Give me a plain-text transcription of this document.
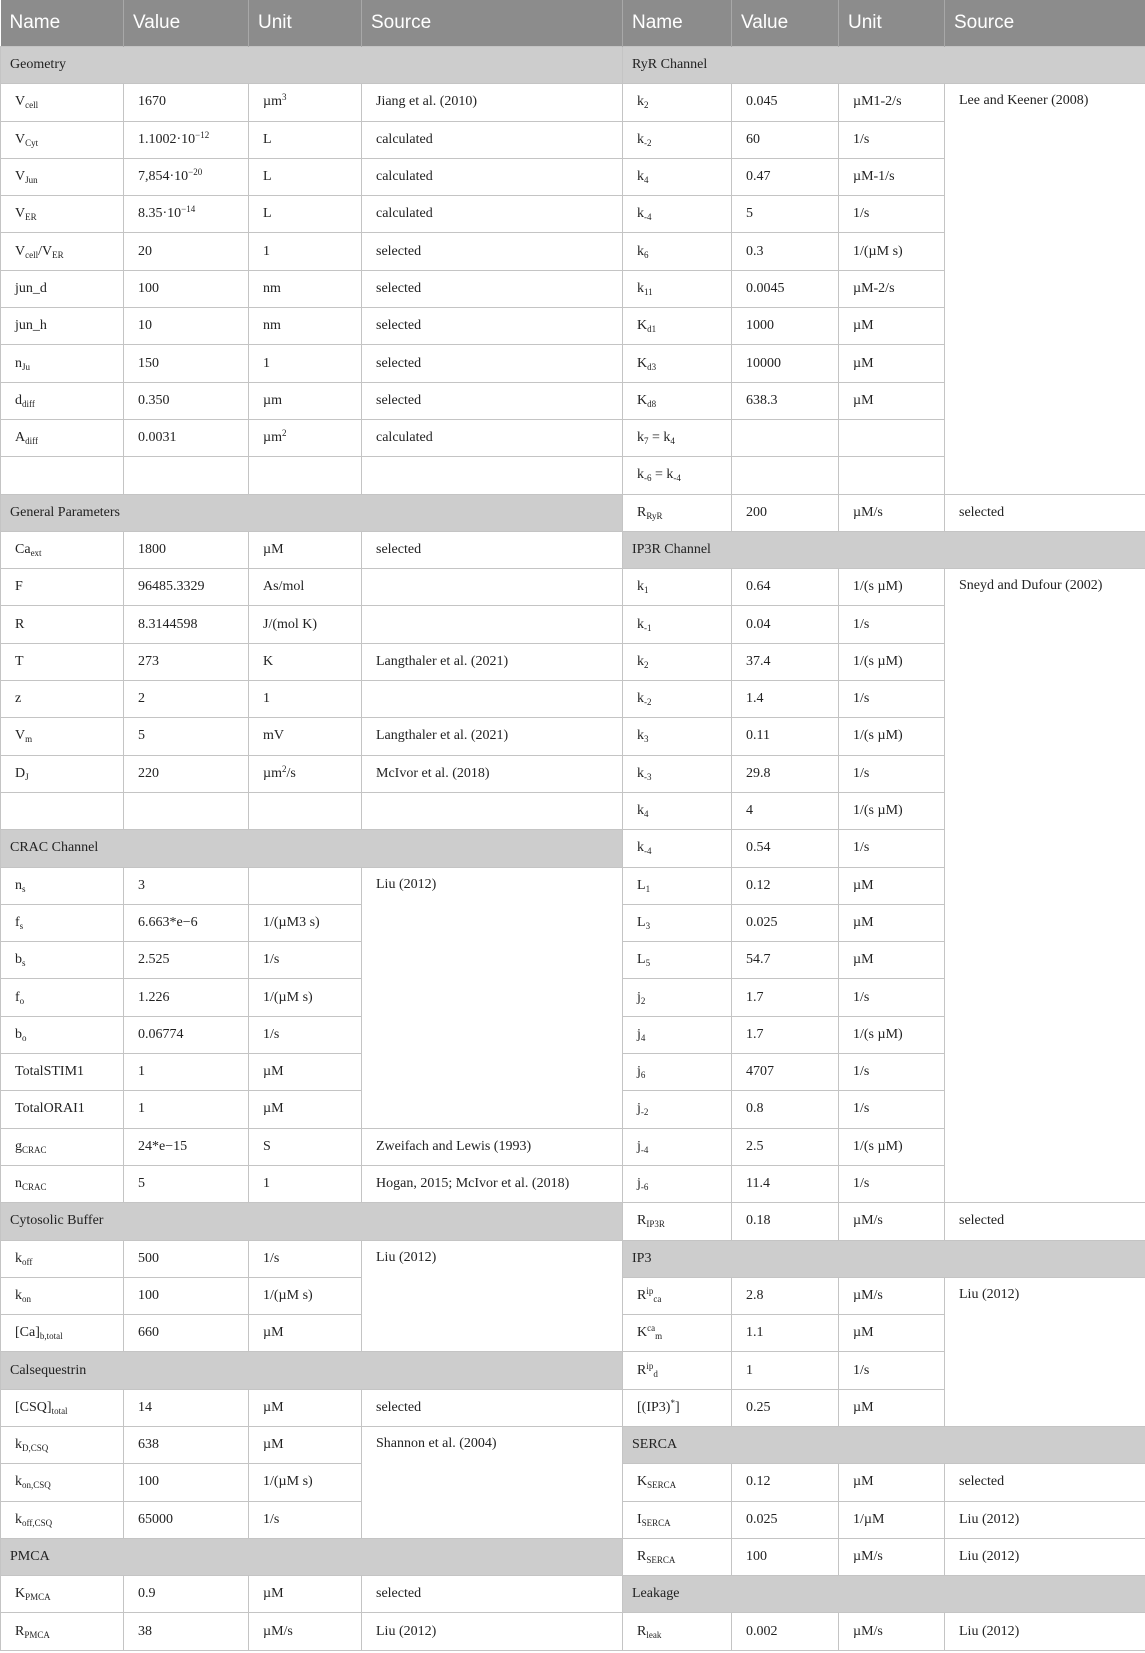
Name	Value	Unit	Source	Name	Value	Unit	Source
Geometry				RyR Channel			
$V_{cell}$	1670	µm$^3$	Jiang et al. (2010)	$k_2$	0.045	µM1-2/s	Lee and Keener (2008)
$V_{Cyt}$	$1.1002\cdot 10^{-12}$	L	calculated	$k_{-2}$	60	1/s	
$V_{Jun}$	$7,854\cdot 10^{-20}$	L	calculated	$k_4$	0.47	µM-1/s	
$V_{ER}$	$8.35\cdot 10^{-14}$	L	calculated	$k_{-4}$	5	1/s	
$V_{cell}/V_{ER}$	20	1	selected	$k_6$	0.3	1/(µM s)	
jun_d	100	nm	selected	$k_{11}$	0.0045	µM-2/s	
jun_h	10	nm	selected	$K_{d1}$	1000	µM	
$n_{Ju}$	150	1	selected	$K_{d3}$	10000	µM	
$d_{diff}$	0.350	µm	selected	$K_{d8}$	638.3	µM	
$A_{diff}$	0.0031	µm$^2$	calculated	$k_7 = k_4$		
				$k_{-6} = k_{-4}$		
General Parameters				$R_{RyR}$	200	µM/s	selected
$Ca_{ext}$	1800	µM	selected	IP3R Channel			
F	96485.3329	As/mol		$k_1$	0.64	1/(s µM)	Sneyd and Dufour (2002)
R	8.3144598	J/(mol K)		$k_{-1}$	0.04	1/s	
T	273	K	Langthaler et al. (2021)	$k_2$	37.4	1/(s µM)	
z	2	1		$k_{-2}$	1.4	1/s	
$V_m$	5	mV	Langthaler et al. (2021)	$k_3$	0.11	1/(s µM)	
$D_J$	220	µm$^2$/s	McIvor et al. (2018)	$k_{-3}$	29.8	1/s	
				$k_4$	4	1/(s µM)	
CRAC Channel				$k_{-4}$	0.54	1/s	
$n_s$	3		Liu (2012)	$L_1$	0.12	µM	
$f_s$	6.663*e−6	1/(µM3 s)		$L_3$	0.025	µM	
$b_s$	2.525	1/s		$L_5$	54.7	µM	
$f_o$	1.226	1/(µM s)		$j_2$	1.7	1/s	
$b_o$	0.06774	1/s		$j_4$	1.7	1/(s µM)	
TotalSTIM1	1	µM		$j_6$	4707	1/s	
TotalORAI1	1	µM		$j_{-2}$	0.8	1/s	
$g_{CRAC}$	24*e−15	S	Zweifach and Lewis (1993)	$j_{-4}$	2.5	1/(s µM)	
$n_{CRAC}$	5	1	Hogan, 2015; McIvor et al. (2018)	$j_{-6}$	11.4	1/s	
Cytosolic Buffer				$R_{IP3R}$	0.18	µM/s	selected
$k_{off}$	500	1/s	Liu (2012)	IP3			
$k_{on}$	100	1/(µM s)		$R^{ip}_{ca}$	2.8	µM/s	Liu (2012)
$[Ca]_{b,total}$	660	µM		$K^{ca}_m$	1.1	µM	
Calsequestrin				$R^{ip}_d$	1	1/s	
$[CSQ]_{total}$	14	µM	selected	[(IP3)*]	0.25	µM	
$k_{D,CSQ}$	638	µM	Shannon et al. (2004)	SERCA			
$k_{on,CSQ}$	100	1/(µM s)		$K_{SERCA}$	0.12	µM	selected
$k_{off,CSQ}$	65000	1/s		$I_{SERCA}$	0.025	1/µM	Liu (2012)
PMCA				$R_{SERCA}$	100	µM/s	Liu (2012)
$K_{PMCA}$	0.9	µM	selected	Leakage			
$R_{PMCA}$	38	µM/s	Liu (2012)	$R_{leak}$	0.002	µM/s	Liu (2012)
